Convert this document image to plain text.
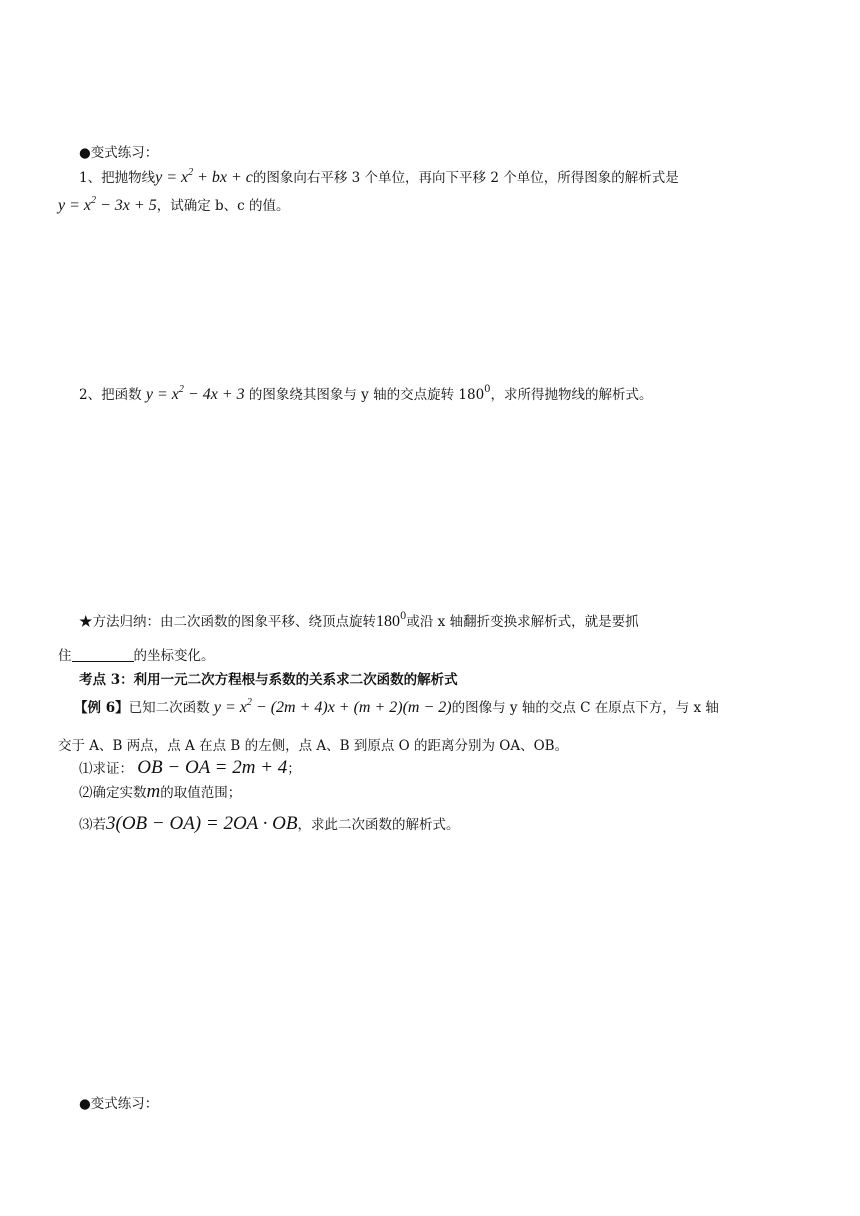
●变式练习：
1、把抛物线$y = x^2$ + bx + c的图象向右平移 3 个单位，再向下平移 2 个单位，所得图象的解析式是
$y = x^2 - 3x + 5$，试确定 b、c 的值。
2、把函数 $y = x^2 - 4x + 3$ 的图象绕其图象与 y 轴的交点旋转 $180^0$，求所得抛物线的解析式。
★方法归纳：由二次函数的图象平移、绕顶点旋转$180^0$或沿 x 轴翻折变换求解析式，就是要抓
住	的坐标变化。
考点 3：利用一元二次方程根与系数的关系求二次函数的解析式
【例 6】已知二次函数 $y = x^2 - (2m + 4)x + (m + 2)(m - 2)$的图像与 y 轴的交点 C 在原点下方，与 x 轴
交于 A、B 两点，点 A 在点 B 的左侧，点 A、B 到原点 O 的距离分别为 OA、OB。
⑴求证： OB − OA = 2m + 4；
⑵确定实数m的取值范围；
⑶若3(OB − OA) = 2OA · OB，求此二次函数的解析式。
●变式练习：
